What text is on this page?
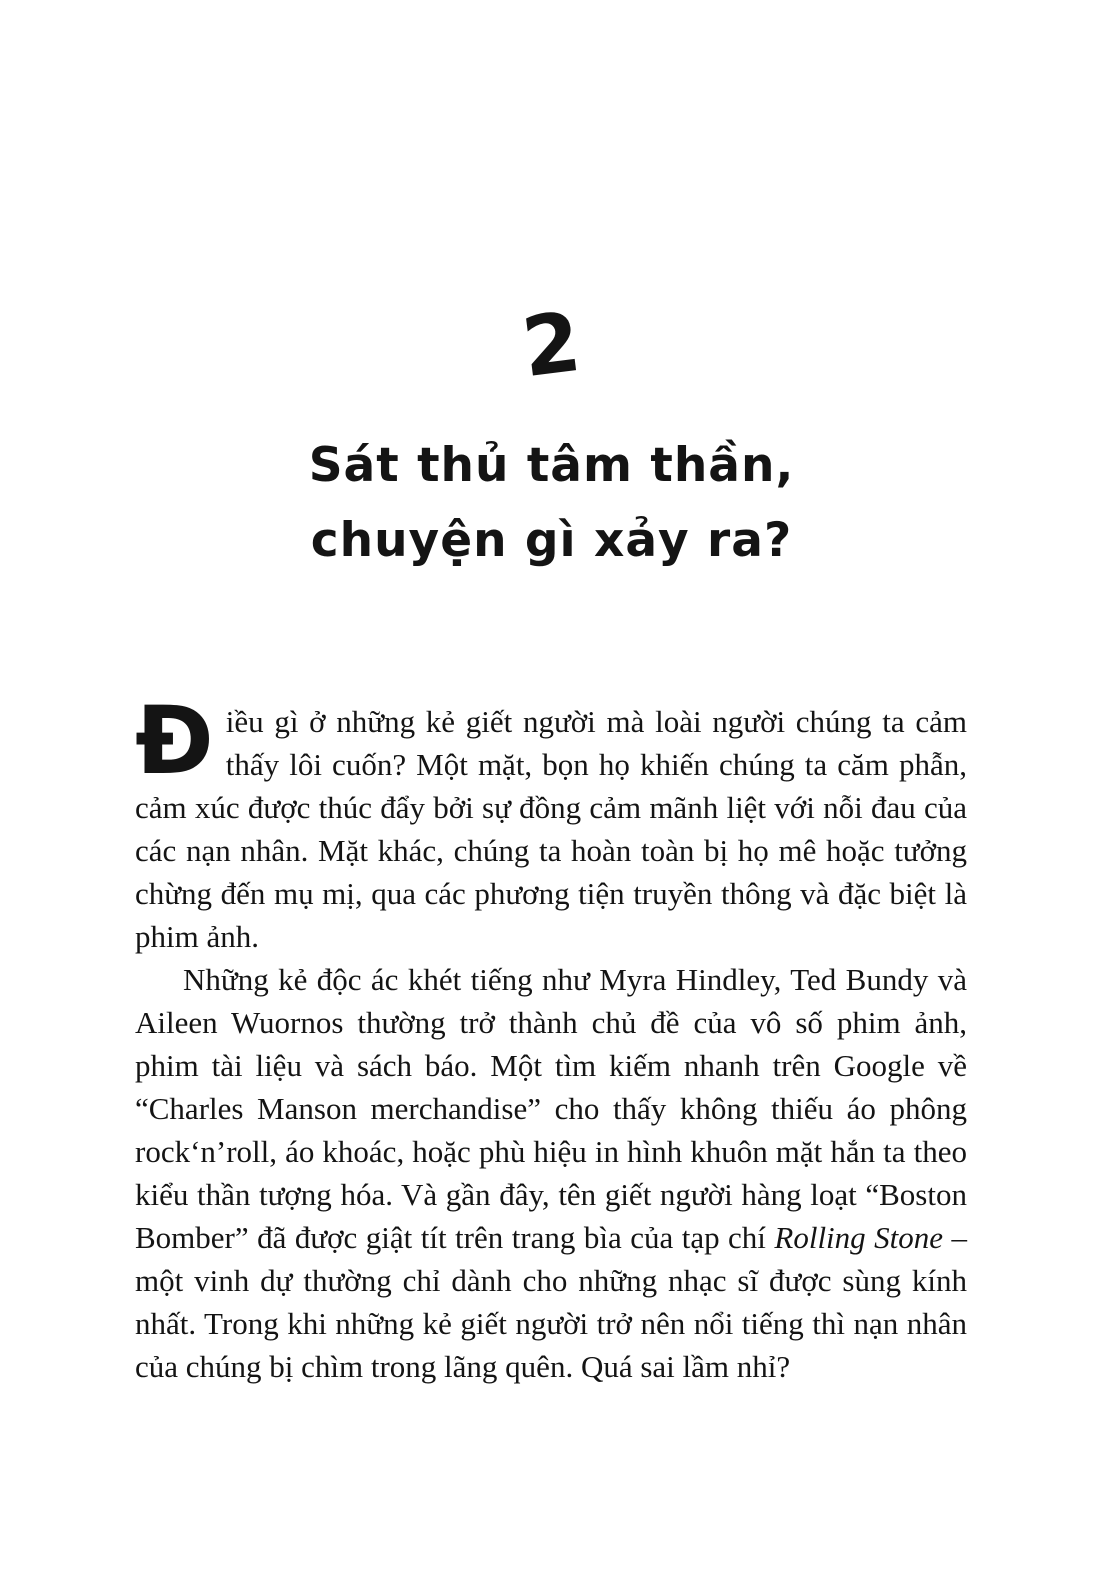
2
Sát thủ tâm thần,
chuyện gì xảy ra?

Điều gì ở những kẻ giết người mà loài người chúng ta cảm thấy lôi cuốn? Một mặt, bọn họ khiến chúng ta căm phẫn, cảm xúc được thúc đẩy bởi sự đồng cảm mãnh liệt với nỗi đau của các nạn nhân. Mặt khác, chúng ta hoàn toàn bị họ mê hoặc tưởng chừng đến mụ mị, qua các phương tiện truyền thông và đặc biệt là phim ảnh.

Những kẻ độc ác khét tiếng như Myra Hindley, Ted Bundy và Aileen Wuornos thường trở thành chủ đề của vô số phim ảnh, phim tài liệu và sách báo. Một tìm kiếm nhanh trên Google về “Charles Manson merchandise” cho thấy không thiếu áo phông rock‘n’roll, áo khoác, hoặc phù hiệu in hình khuôn mặt hắn ta theo kiểu thần tượng hóa. Và gần đây, tên giết người hàng loạt “Boston Bomber” đã được giật tít trên trang bìa của tạp chí Rolling Stone – một vinh dự thường chỉ dành cho những nhạc sĩ được sùng kính nhất. Trong khi những kẻ giết người trở nên nổi tiếng thì nạn nhân của chúng bị chìm trong lãng quên. Quá sai lầm nhỉ?
